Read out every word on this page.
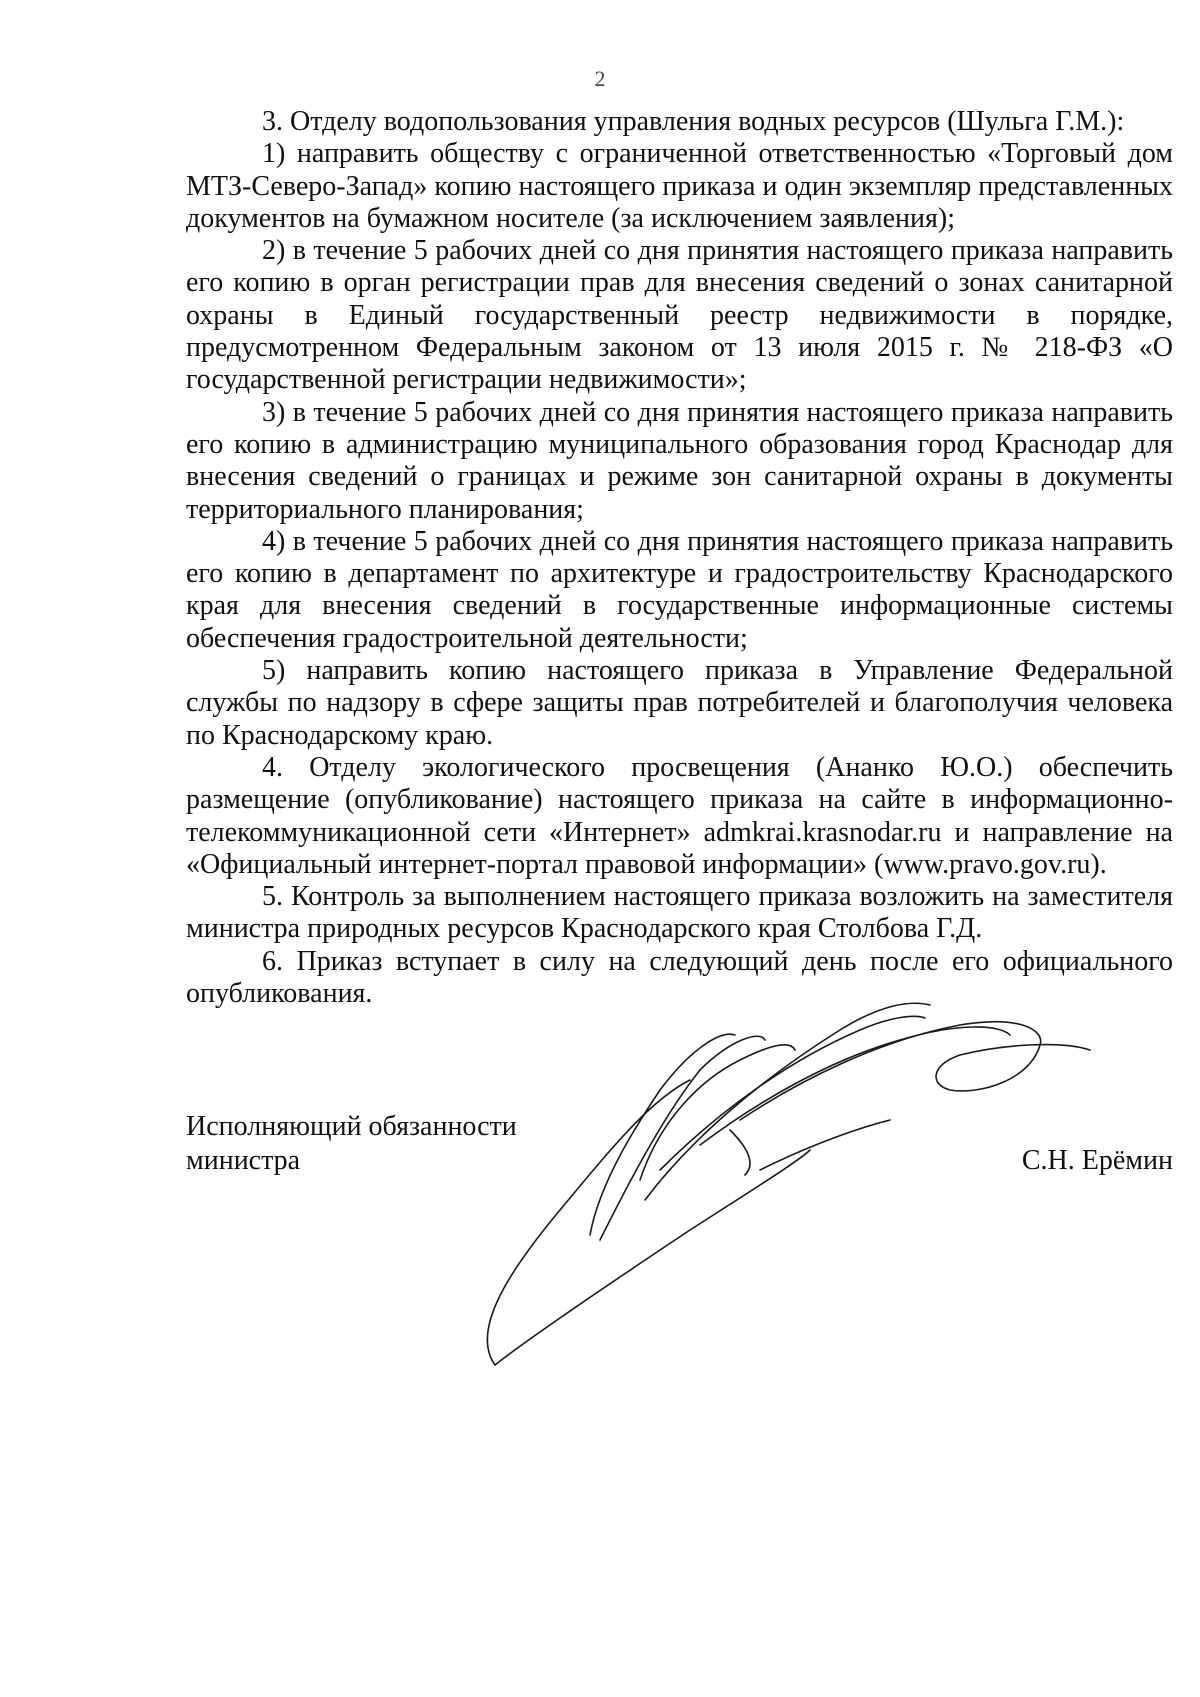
2

3. Отделу водопользования управления водных ресурсов (Шульга Г.М.):

1) направить обществу с ограниченной ответственностью «Торговый дом МТЗ-Северо-Запад» копию настоящего приказа и один экземпляр представленных документов на бумажном носителе (за исключением заявления);

2) в течение 5 рабочих дней со дня принятия настоящего приказа направить его копию в орган регистрации прав для внесения сведений о зонах санитарной охраны в Единый государственный реестр недвижимости в порядке, предусмотренном Федеральным законом от 13 июля 2015 г. № 218-ФЗ «О государственной регистрации недвижимости»;

3) в течение 5 рабочих дней со дня принятия настоящего приказа направить его копию в администрацию муниципального образования город Краснодар для внесения сведений о границах и режиме зон санитарной охраны в документы территориального планирования;

4) в течение 5 рабочих дней со дня принятия настоящего приказа направить его копию в департамент по архитектуре и градостроительству Краснодарского края для внесения сведений в государственные информационные системы обеспечения градостроительной деятельности;

5) направить копию настоящего приказа в Управление Федеральной службы по надзору в сфере защиты прав потребителей и благополучия человека по Краснодарскому краю.

4. Отделу экологического просвещения (Ананко Ю.О.) обеспечить размещение (опубликование) настоящего приказа на сайте в информационно-телекоммуникационной сети «Интернет» admkrai.krasnodar.ru и направление на «Официальный интернет-портал правовой информации» (www.pravo.gov.ru).

5. Контроль за выполнением настоящего приказа возложить на заместителя министра природных ресурсов Краснодарского края Столбова Г.Д.

6. Приказ вступает в силу на следующий день после его официального опубликования.

Исполняющий обязанности
министра	С.Н. Ерёмин
